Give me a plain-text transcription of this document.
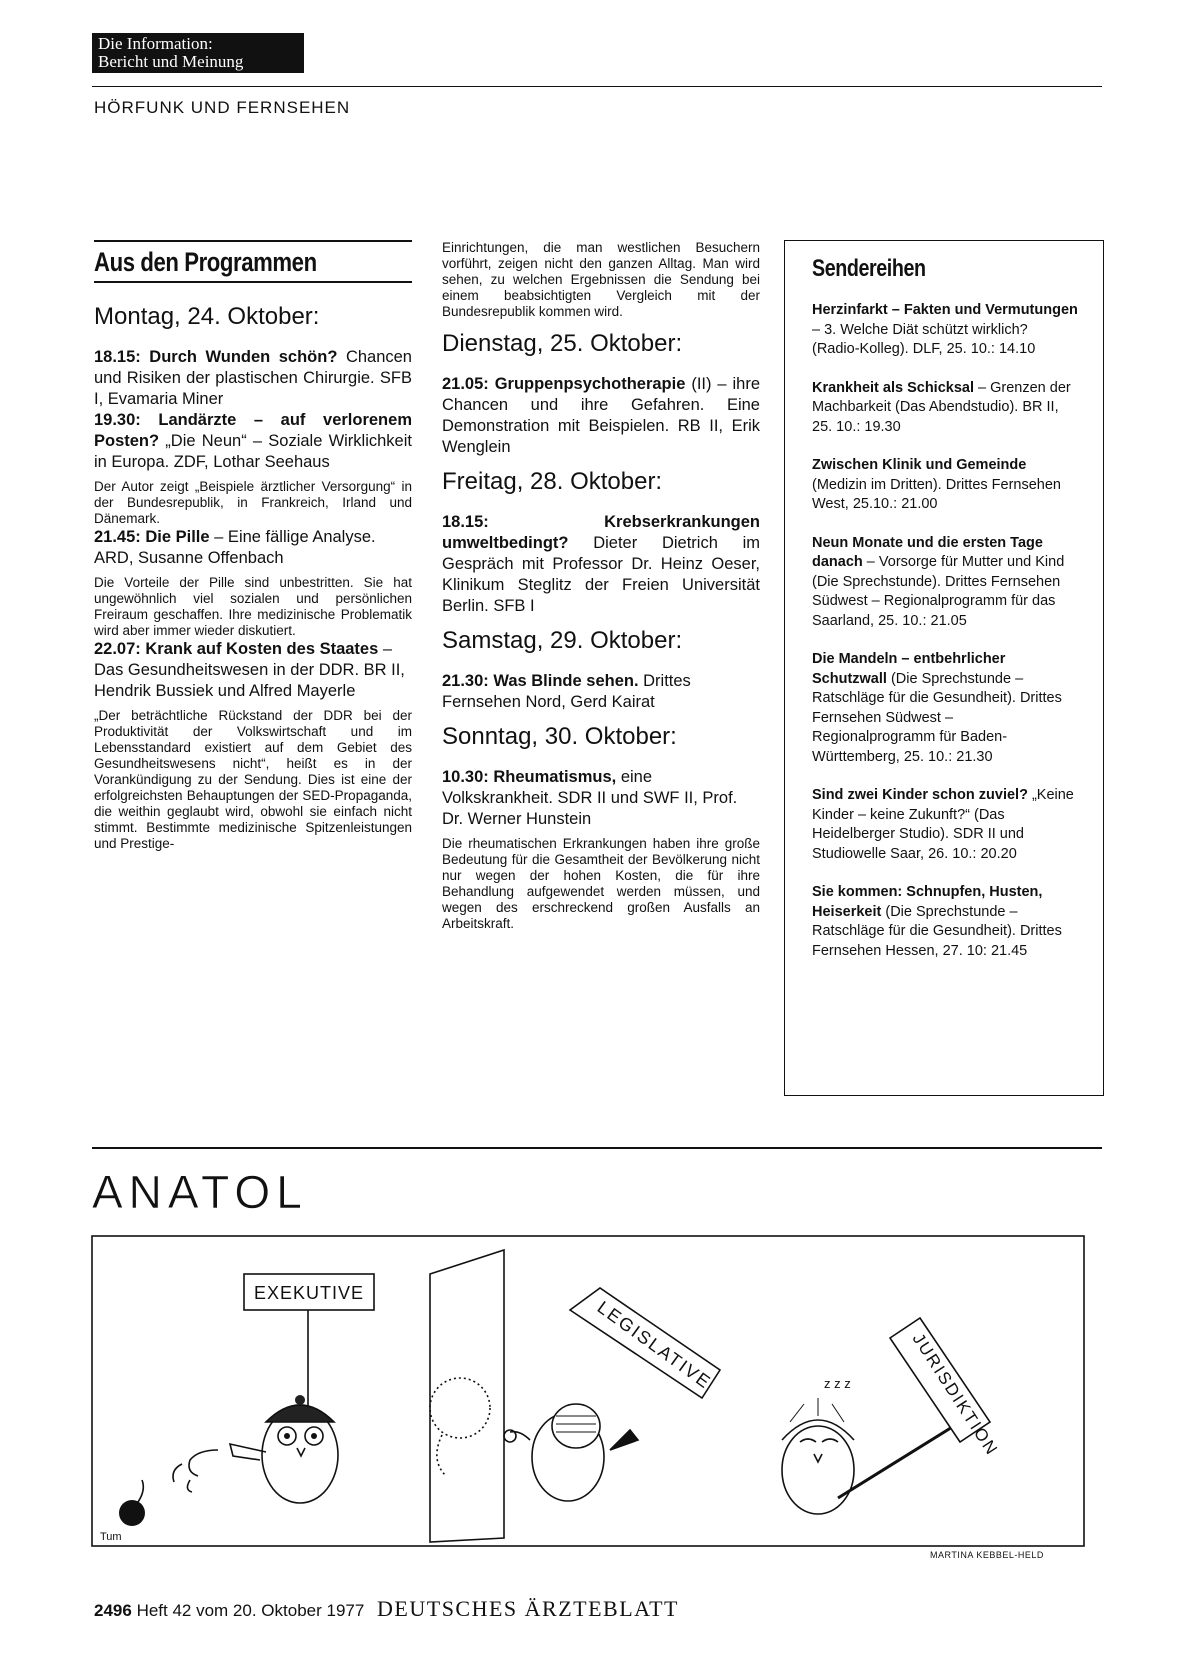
Die Information:
Bericht und Meinung
HÖRFUNK UND FERNSEHEN
Aus den Programmen
Montag, 24. Oktober:

18.15: Durch Wunden schön? Chancen und Risiken der plastischen Chirurgie. SFB I, Evamaria Miner

19.30: Landärzte – auf verlorenem Posten? „Die Neun“ – Soziale Wirklichkeit in Europa. ZDF, Lothar Seehaus

Der Autor zeigt „Beispiele ärztlicher Versorgung“ in der Bundesrepublik, in Frankreich, Irland und Dänemark.

21.45: Die Pille – Eine fällige Analyse. ARD, Susanne Offenbach

Die Vorteile der Pille sind unbestritten. Sie hat ungewöhnlich viel sozialen und persönlichen Freiraum geschaffen. Ihre medizinische Problematik wird aber immer wieder diskutiert.

22.07: Krank auf Kosten des Staates – Das Gesundheitswesen in der DDR. BR II, Hendrik Bussiek und Alfred Mayerle

„Der beträchtliche Rückstand der DDR bei der Produktivität der Volkswirtschaft und im Lebensstandard existiert auf dem Gebiet des Gesundheitswesens nicht“, heißt es in der Vorankündigung zu der Sendung. Dies ist eine der erfolgreichsten Behauptungen der SED-Propaganda, die weithin geglaubt wird, obwohl sie einfach nicht stimmt. Bestimmte medizinische Spitzenleistungen und Prestige-

Einrichtungen, die man westlichen Besuchern vorführt, zeigen nicht den ganzen Alltag. Man wird sehen, zu welchen Ergebnissen die Sendung bei einem beabsichtigten Vergleich mit der Bundesrepublik kommen wird.

Dienstag, 25. Oktober:

21.05: Gruppenpsychotherapie (II) – ihre Chancen und ihre Gefahren. Eine Demonstration mit Beispielen. RB II, Erik Wenglein

Freitag, 28. Oktober:

18.15: Krebserkrankungen umweltbedingt? Dieter Dietrich im Gespräch mit Professor Dr. Heinz Oeser, Klinikum Steglitz der Freien Universität Berlin. SFB I

Samstag, 29. Oktober:

21.30: Was Blinde sehen. Drittes Fernsehen Nord, Gerd Kairat

Sonntag, 30. Oktober:

10.30: Rheumatismus, eine Volkskrankheit. SDR II und SWF II, Prof. Dr. Werner Hunstein

Die rheumatischen Erkrankungen haben ihre große Bedeutung für die Gesamtheit der Bevölkerung nicht nur wegen der hohen Kosten, die für ihre Behandlung aufgewendet werden müssen, und wegen des erschreckend großen Ausfalls an Arbeitskraft.

Sendereihen
Herzinfarkt – Fakten und Vermutungen – 3. Welche Diät schützt wirklich? (Radio-Kolleg). DLF, 25. 10.: 14.10
Krankheit als Schicksal – Grenzen der Machbarkeit (Das Abendstudio). BR II, 25. 10.: 19.30
Zwischen Klinik und Gemeinde (Medizin im Dritten). Drittes Fernsehen West, 25.10.: 21.00
Neun Monate und die ersten Tage danach – Vorsorge für Mutter und Kind (Die Sprechstunde). Drittes Fernsehen Südwest – Regionalprogramm für das Saarland, 25. 10.: 21.05
Die Mandeln – entbehrlicher Schutzwall (Die Sprechstunde – Ratschläge für die Gesundheit). Drittes Fernsehen Südwest – Regionalprogramm für Baden-Württemberg, 25. 10.: 21.30
Sind zwei Kinder schon zuviel? „Keine Kinder – keine Zukunft?“ (Das Heidelberger Studio). SDR II und Studiowelle Saar, 26. 10.: 20.20
Sie kommen: Schnupfen, Husten, Heiserkeit (Die Sprechstunde – Ratschläge für die Gesundheit). Drittes Fernsehen Hessen, 27. 10: 21.45
ANATOL
EXEKUTIVE
Tum
LEGISLATIVE	z z z	JURISDIKTION
MARTINA KEBBEL-HELD
2496 Heft 42 vom 20. Oktober 1977 DEUTSCHES ÄRZTEBLATT
